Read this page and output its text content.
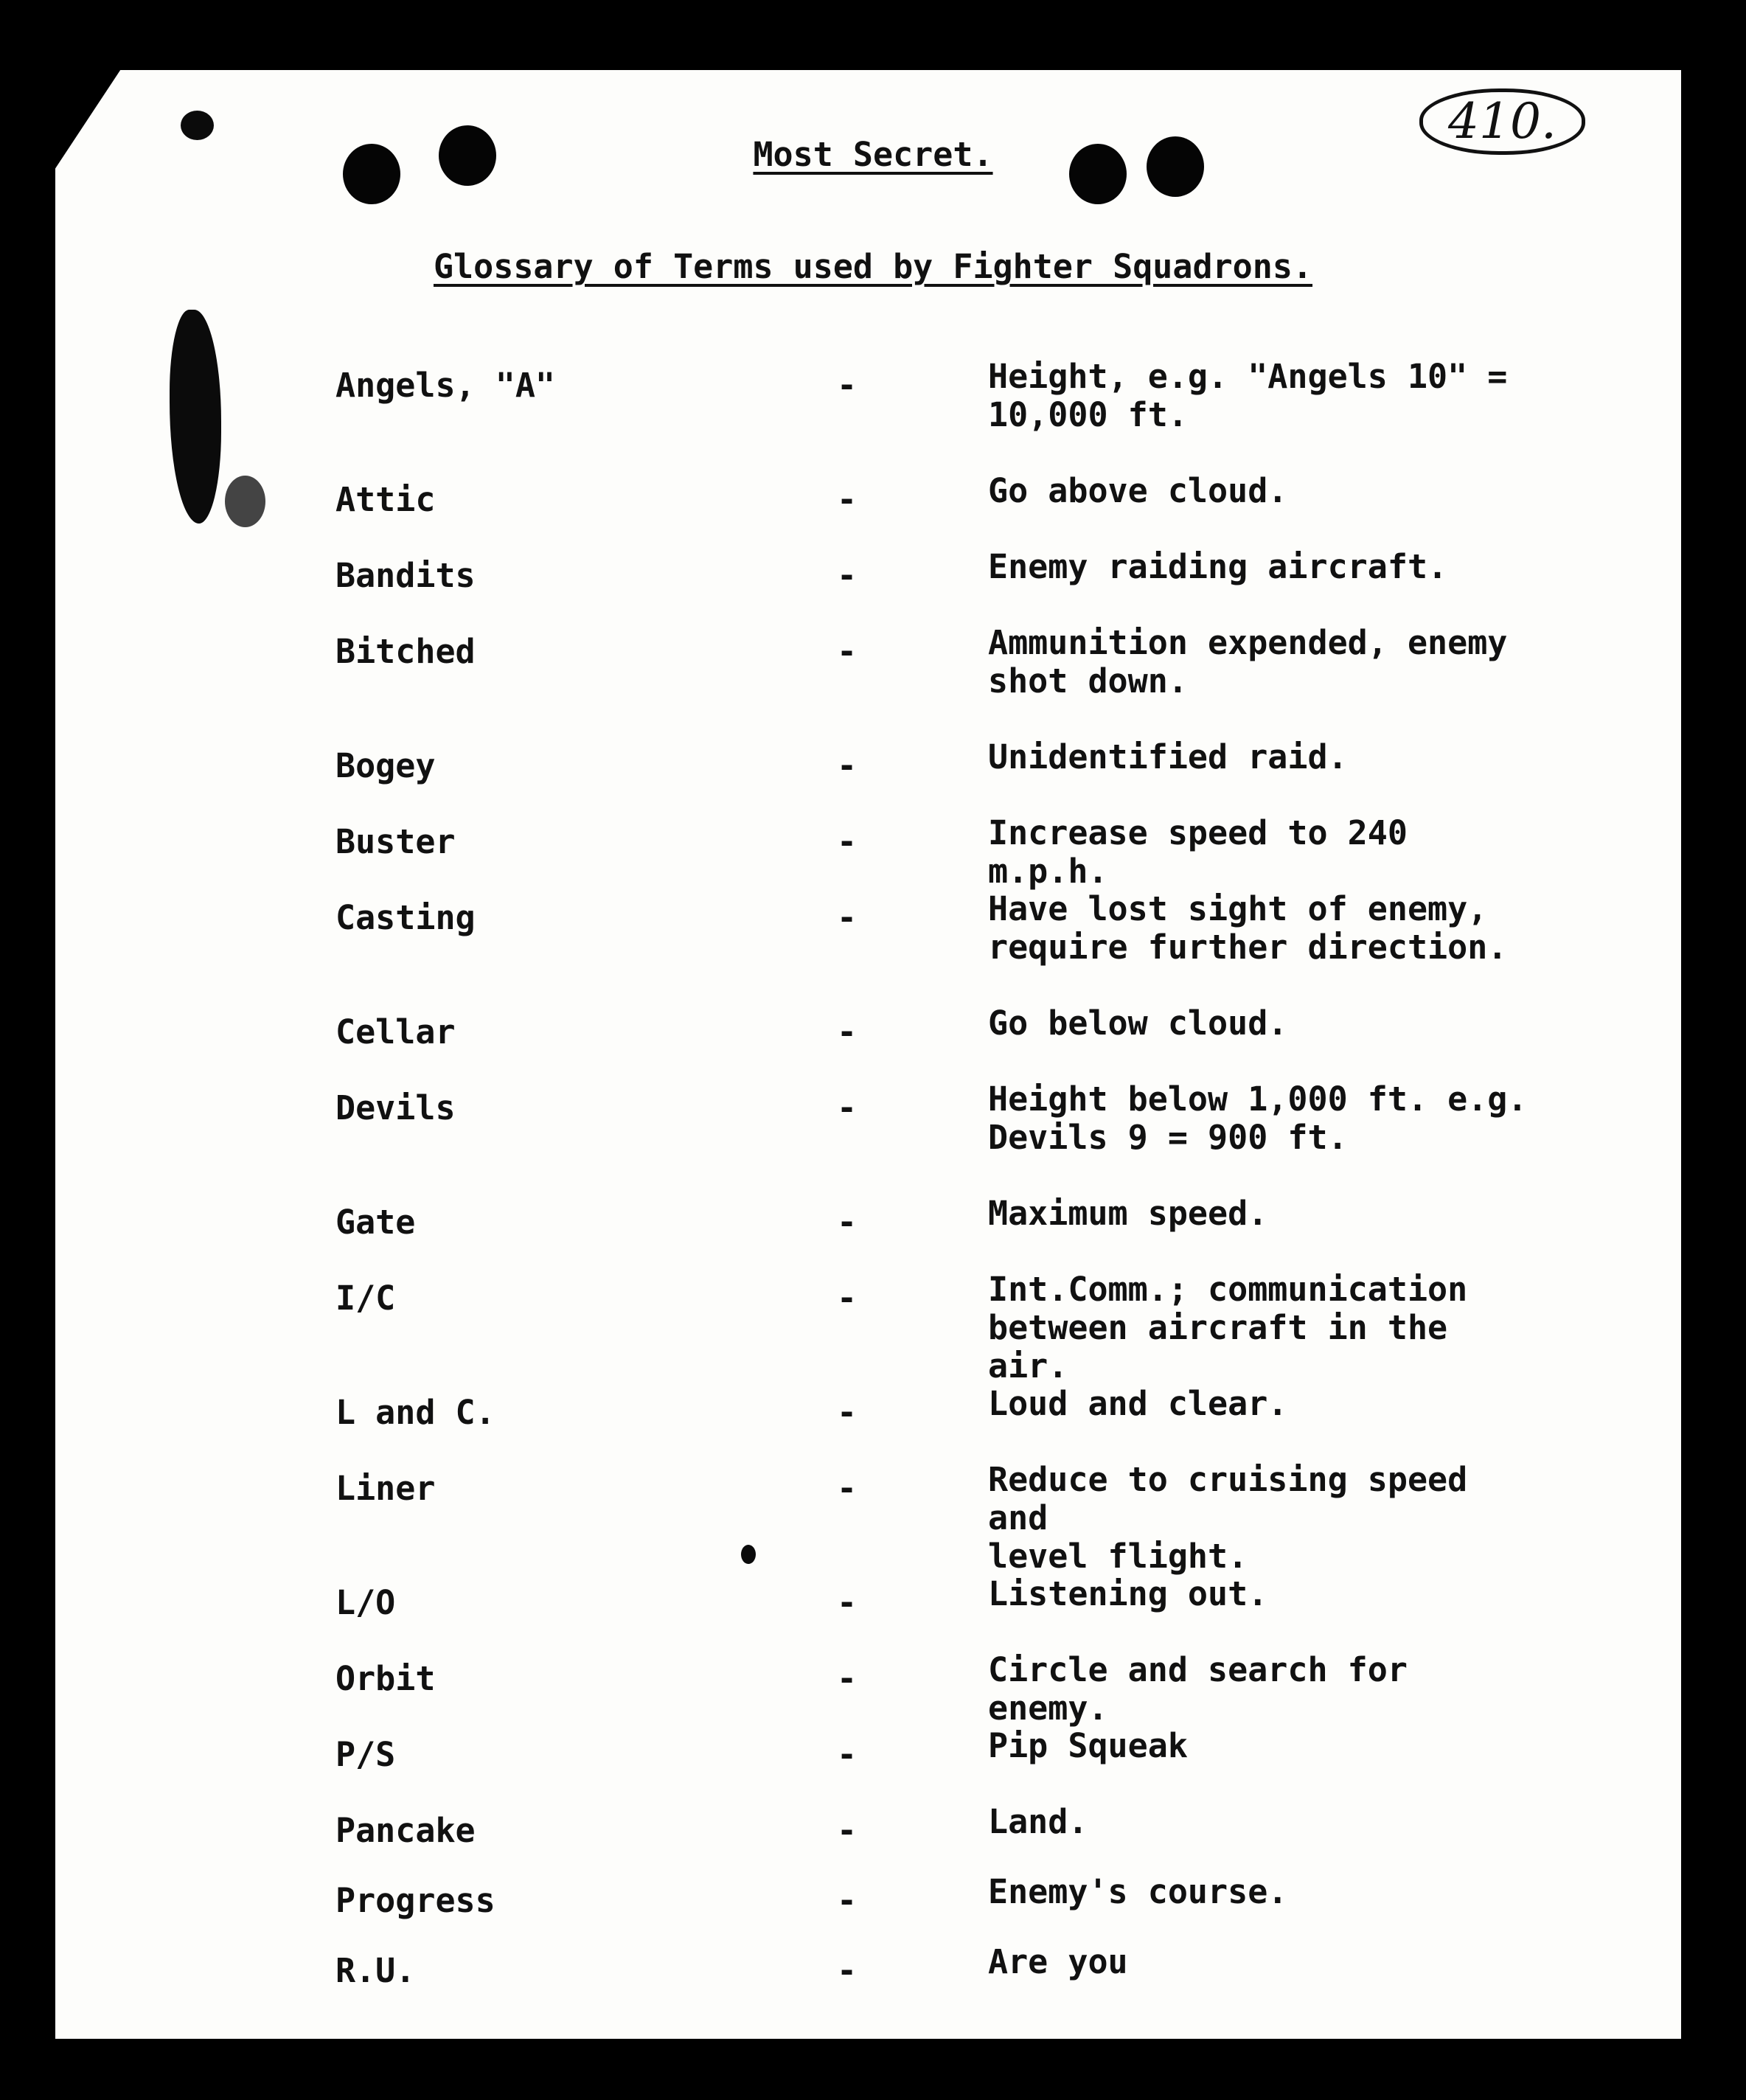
410.
Most Secret.
Glossary of Terms used by Fighter Squadrons.
Angels, "A"	-	Height, e.g. "Angels 10" =
10,000 ft.
Attic	-	Go above cloud.
Bandits	-	Enemy raiding aircraft.
Bitched	-	Ammunition expended, enemy
shot down.
Bogey	-	Unidentified raid.
Buster	-	Increase speed to 240 m.p.h.
Casting	-	Have lost sight of enemy,
require further direction.
Cellar	-	Go below cloud.
Devils	-	Height below 1,000 ft. e.g.
Devils 9 = 900 ft.
Gate	-	Maximum speed.
I/C	-	Int.Comm.; communication
between aircraft in the air.
L and C.	-	Loud and clear.
Liner	-	Reduce to cruising speed and
level flight.
L/O	-	Listening out.
Orbit	-	Circle and search for enemy.
P/S	-	Pip Squeak
Pancake	-	Land.
Progress	-	Enemy's course.
R.U.	-	Are you
